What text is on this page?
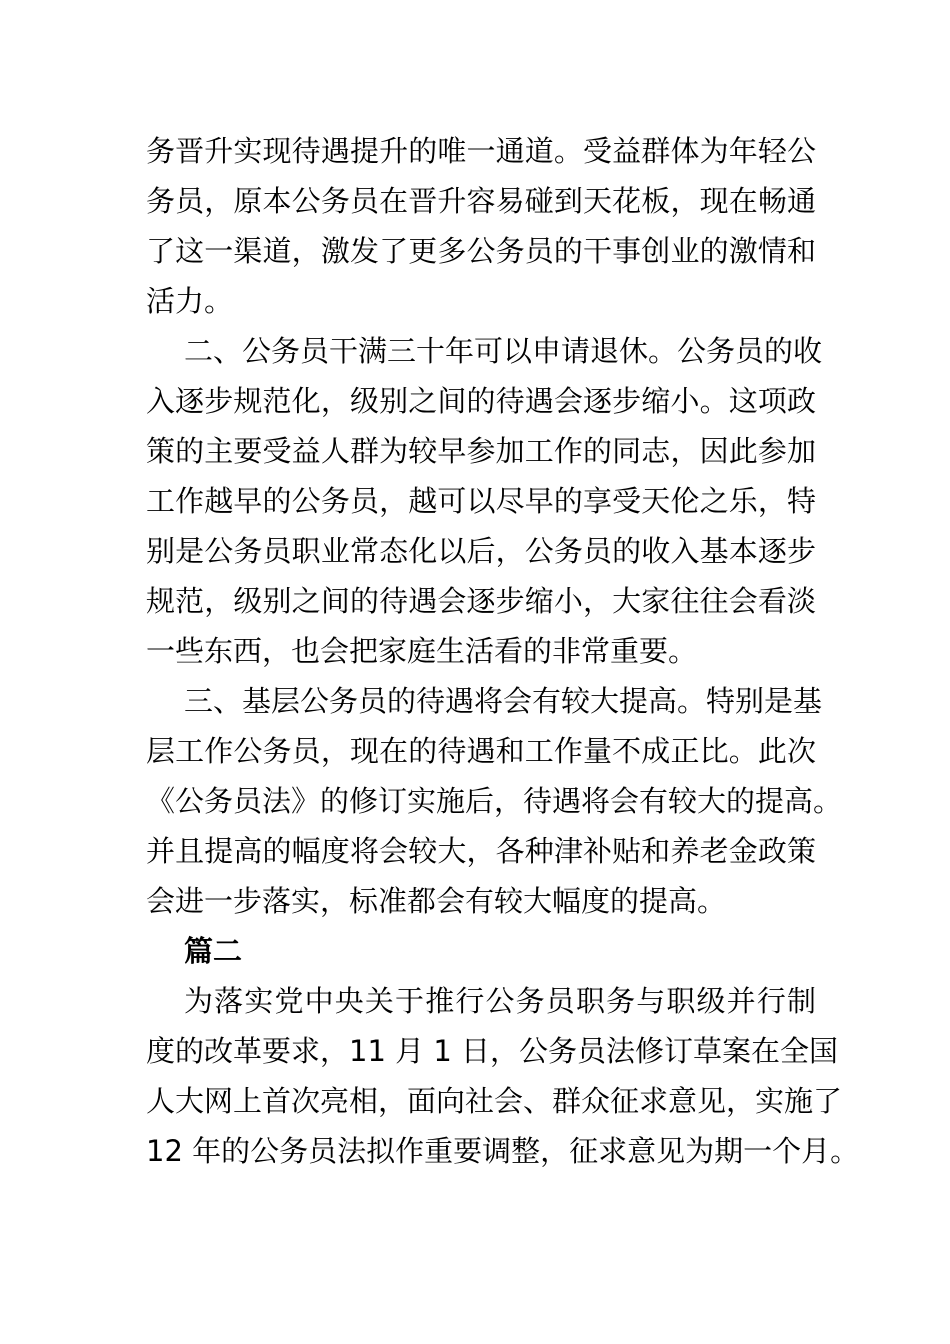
务晋升实现待遇提升的唯一通道。受益群体为年轻公
务员，原本公务员在晋升容易碰到天花板，现在畅通
了这一渠道，激发了更多公务员的干事创业的激情和
活力。

二、公务员干满三十年可以申请退休。公务员的收
入逐步规范化，级别之间的待遇会逐步缩小。这项政
策的主要受益人群为较早参加工作的同志，因此参加
工作越早的公务员，越可以尽早的享受天伦之乐，特
别是公务员职业常态化以后，公务员的收入基本逐步
规范，级别之间的待遇会逐步缩小，大家往往会看淡
一些东西，也会把家庭生活看的非常重要。

三、基层公务员的待遇将会有较大提高。特别是基
层工作公务员，现在的待遇和工作量不成正比。此次
《公务员法》的修订实施后，待遇将会有较大的提高。
并且提高的幅度将会较大，各种津补贴和养老金政策
会进一步落实，标准都会有较大幅度的提高。

篇二

为落实党中央关于推行公务员职务与职级并行制
度的改革要求，11 月 1 日，公务员法修订草案在全国
人大网上首次亮相，面向社会、群众征求意见，实施了
12 年的公务员法拟作重要调整，征求意见为期一个月。
